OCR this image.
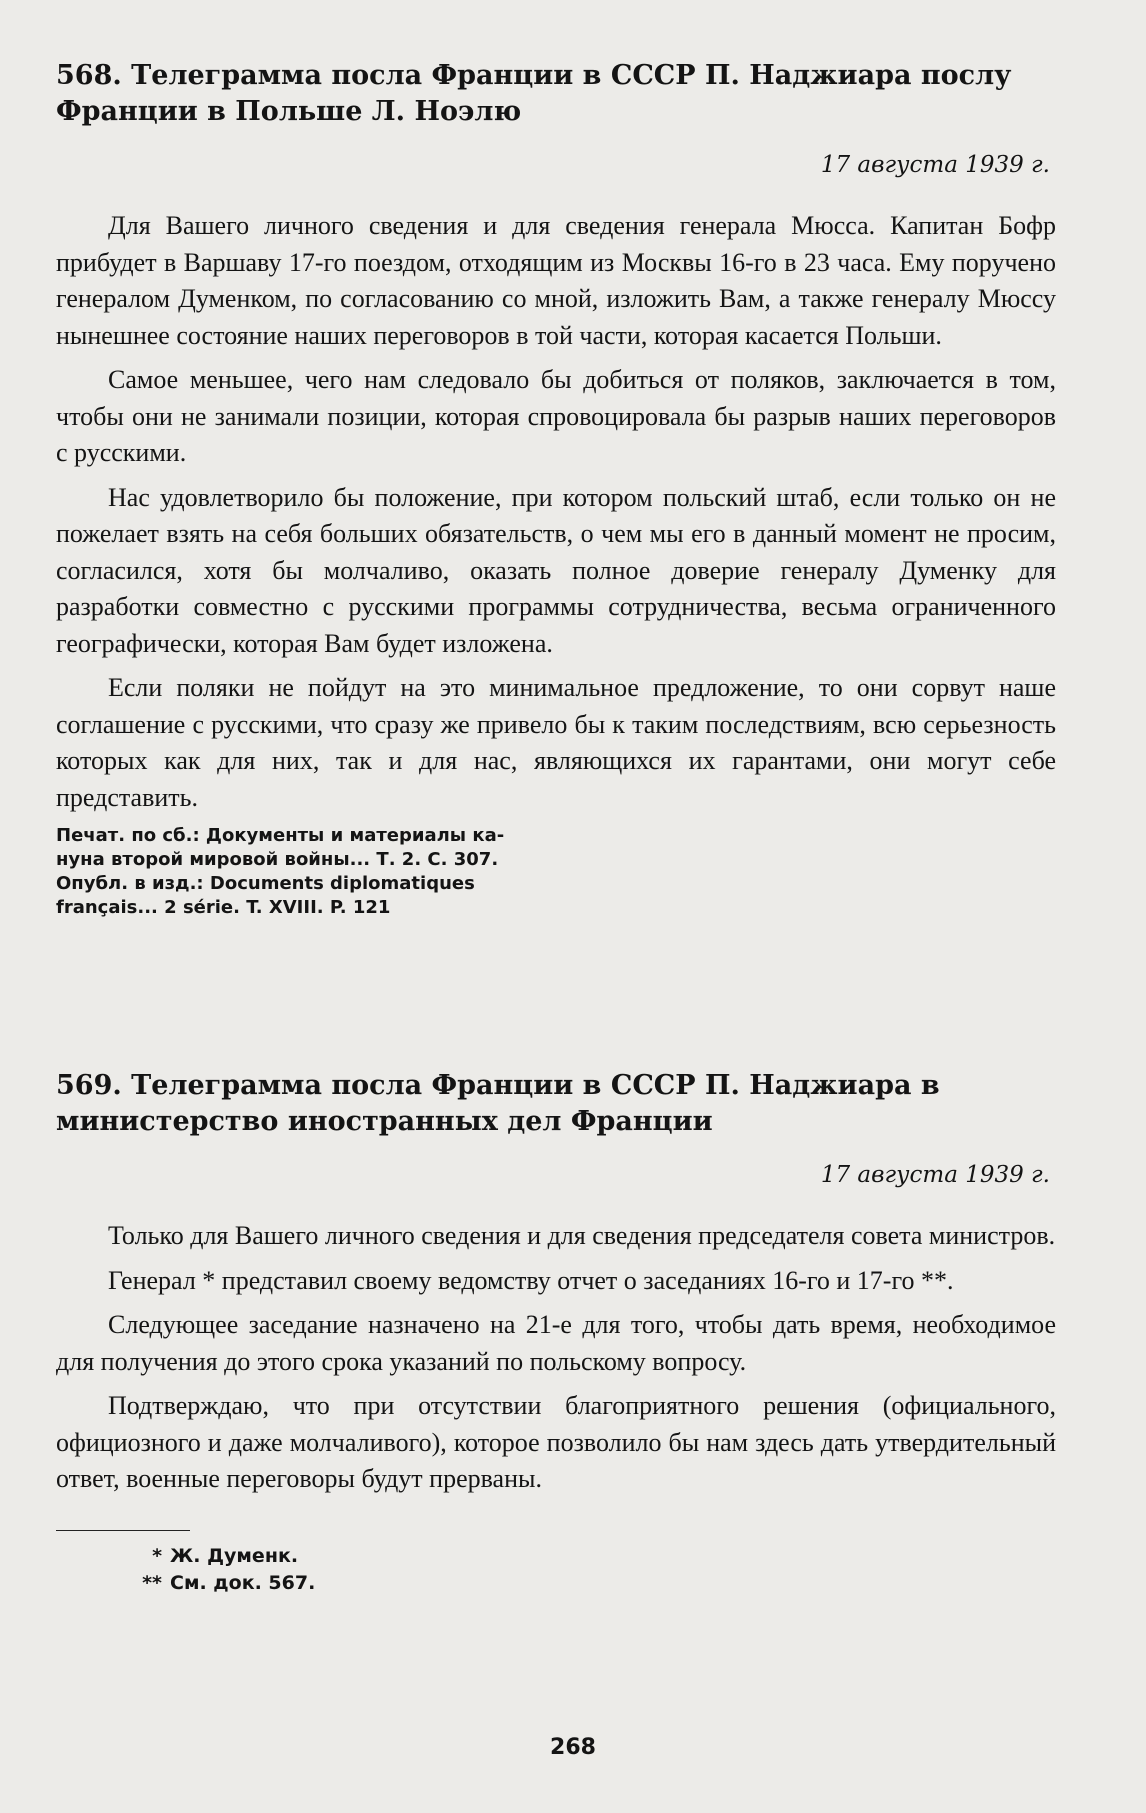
568. Телеграмма посла Франции в СССР П. Наджиара послу Франции в Польше Л. Ноэлю
17 августа 1939 г.

Для Вашего личного сведения и для сведения генерала Мюсса. Капитан Бофр прибудет в Варшаву 17-го поездом, отходящим из Москвы 16-го в 23 часа. Ему поручено генералом Думенком, по согласованию со мной, изложить Вам, а также генералу Мюссу нынешнее состояние наших переговоров в той части, которая касается Польши.

Самое меньшее, чего нам следовало бы добиться от поляков, заключается в том, чтобы они не занимали позиции, которая спровоцировала бы разрыв наших переговоров с русскими.

Нас удовлетворило бы положение, при котором польский штаб, если только он не пожелает взять на себя больших обязательств, о чем мы его в данный момент не просим, согласился, хотя бы молчаливо, оказать полное доверие генералу Думенку для разработки совместно с русскими программы сотрудничества, весьма ограниченного географически, которая Вам будет изложена.

Если поляки не пойдут на это минимальное предложение, то они сорвут наше соглашение с русскими, что сразу же привело бы к таким последствиям, всю серьезность которых как для них, так и для нас, являющихся их гарантами, они могут себе представить.

Печат. по сб.: Документы и материалы ка-
нуна второй мировой войны... Т. 2. С. 307.
Опубл. в изд.: Documents diplomatiques
français... 2 série. T. XVIII. P. 121
569. Телеграмма посла Франции в СССР П. Наджиара в министерство иностранных дел Франции
17 августа 1939 г.

Только для Вашего личного сведения и для сведения председателя совета министров.

Генерал * представил своему ведомству отчет о заседаниях 16-го и 17-го **.

Следующее заседание назначено на 21-е для того, чтобы дать время, необходимое для получения до этого срока указаний по польскому вопросу.

Подтверждаю, что при отсутствии благоприятного решения (официального, официозного и даже молчаливого), которое позволило бы нам здесь дать утвердительный ответ, военные переговоры будут прерваны.

* Ж. Думенк.
** См. док. 567.
268
